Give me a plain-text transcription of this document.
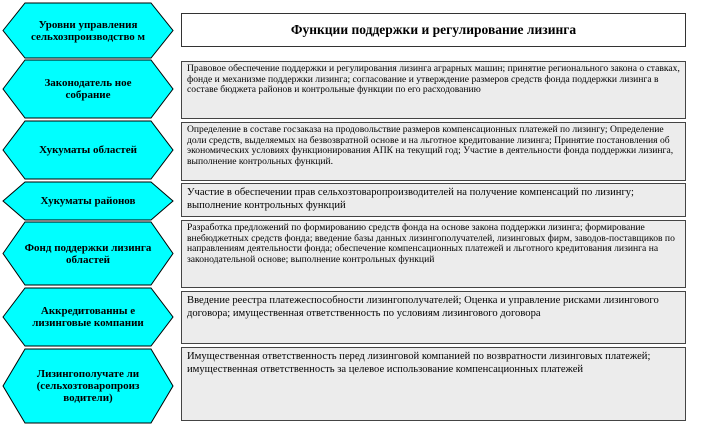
Уровни управления сельхозпроизводство м
Законодатель ное собрание
Хукуматы областей
Хукуматы районов
Фонд поддержки лизинга областей
Аккредитованны е лизинговые компании
Лизингополучате ли (сельхозтоваропроиз водители)
Функции поддержки и регулирование лизинга
Правовое обеспечение поддержки и регулирования лизинга аграрных машин; принятие регионального закона о ставках, фонде и механизме поддержки лизинга; согласование и утверждение размеров средств фонда поддержки лизинга в составе бюджета районов и контрольные функции по его расходованию
Определение в составе госзаказа на продовольствие размеров компенсационных платежей по лизингу; Определение доли средств, выделяемых на безвозвратной основе и на льготное кредитование лизинга; Принятие постановления об экономических условиях функционирования АПК на текущий год; Участие в деятельности фонда поддержки лизинга, выполнение контрольных функций.
Участие в обеспечении прав сельхозтоваропроизводителей на получение компенсаций по лизингу; выполнение контрольных функций
Разработка предложений по формированию средств фонда на основе закона поддержки лизинга; формирование внебюджетных средств фонда; введение базы данных лизингополучателей, лизинговых фирм, заводов-поставщиков по направлениям деятельности фонда; обеспечение компенсационных платежей и льготного кредитования лизинга на законодательной основе; выполнение контрольных функций
Введение реестра платежеспособности лизингополучателей; Оценка и управление рисками лизингового договора; имущественная ответственность по условиям лизингового договора
Имущественная ответственность перед лизинговой компанией по возвратности лизинговых платежей; имущественная ответственность за целевое использование компенсационных платежей
